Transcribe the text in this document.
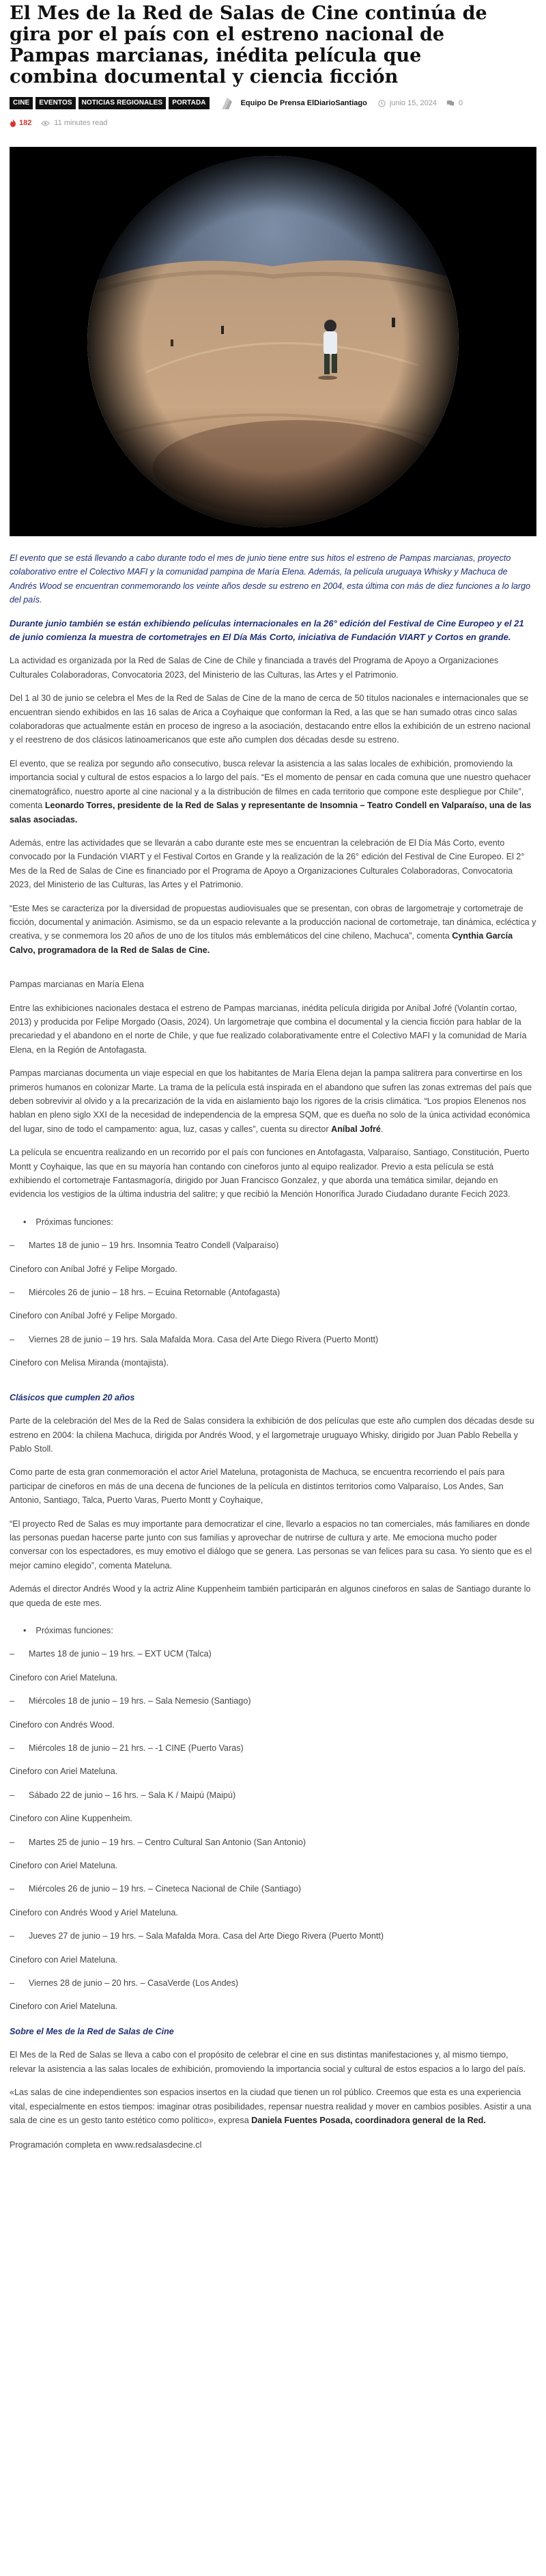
El Mes de la Red de Salas de Cine continúa de gira por el país con el estreno nacional de Pampas marcianas, inédita película que combina documental y ciencia ficción
CINE	EVENTOS	NOTICIAS REGIONALES	PORTADA	Equipo De Prensa ElDiarioSantiago	junio 15, 2024	0
182	11 minutes read

El evento que se está llevando a cabo durante todo el mes de junio tiene entre sus hitos el estreno de Pampas marcianas, proyecto colaborativo entre el Colectivo MAFI y la comunidad pampina de María Elena. Además, la película uruguaya Whisky y Machuca de Andrés Wood se encuentran conmemorando los veinte años desde su estreno en 2004, esta última con más de diez funciones a lo largo del país.

Durante junio también se están exhibiendo películas internacionales en la 26° edición del Festival de Cine Europeo y el 21 de junio comienza la muestra de cortometrajes en El Día Más Corto, iniciativa de Fundación VIART y Cortos en grande.

La actividad es organizada por la Red de Salas de Cine de Chile y financiada a través del Programa de Apoyo a Organizaciones Culturales Colaboradoras, Convocatoria 2023, del Ministerio de las Culturas, las Artes y el Patrimonio.

Del 1 al 30 de junio se celebra el Mes de la Red de Salas de Cine de la mano de cerca de 50 títulos nacionales e internacionales que se encuentran siendo exhibidos en las 16 salas de Arica a Coyhaique que conforman la Red, a las que se han sumado otras cinco salas colaboradoras que actualmente están en proceso de ingreso a la asociación, destacando entre ellos la exhibición de un estreno nacional y el reestreno de dos clásicos latinoamericanos que este año cumplen dos décadas desde su estreno.

El evento, que se realiza por segundo año consecutivo, busca relevar la asistencia a las salas locales de exhibición, promoviendo la importancia social y cultural de estos espacios a lo largo del país. “Es el momento de pensar en cada comuna que une nuestro quehacer cinematográfico, nuestro aporte al cine nacional y a la distribución de filmes en cada territorio que compone este despliegue por Chile”, comenta Leonardo Torres, presidente de la Red de Salas y representante de Insomnia – Teatro Condell en Valparaíso, una de las salas asociadas.

Además, entre las actividades que se llevarán a cabo durante este mes se encuentran la celebración de El Día Más Corto, evento convocado por la Fundación VIART y el Festival Cortos en Grande y la realización de la 26° edición del Festival de Cine Europeo. El 2° Mes de la Red de Salas de Cine es financiado por el Programa de Apoyo a Organizaciones Culturales Colaboradoras, Convocatoria 2023, del Ministerio de las Culturas, las Artes y el Patrimonio.

“Este Mes se caracteriza por la diversidad de propuestas audiovisuales que se presentan, con obras de largometraje y cortometraje de ficción, documental y animación. Asimismo, se da un espacio relevante a la producción nacional de cortometraje, tan dinámica, ecléctica y creativa, y se conmemora los 20 años de uno de los títulos más emblemáticos del cine chileno, Machuca”, comenta Cynthia García Calvo, programadora de la Red de Salas de Cine.

Pampas marcianas en María Elena

Entre las exhibiciones nacionales destaca el estreno de Pampas marcianas, inédita película dirigida por Aníbal Jofré (Volantín cortao, 2013) y producida por Felipe Morgado (Oasis, 2024). Un largometraje que combina el documental y la ciencia ficción para hablar de la precariedad y el abandono en el norte de Chile, y que fue realizado colaborativamente entre el Colectivo MAFI y la comunidad de María Elena, en la Región de Antofagasta.

Pampas marcianas documenta un viaje especial en que los habitantes de María Elena dejan la pampa salitrera para convertirse en los primeros humanos en colonizar Marte. La trama de la película está inspirada en el abandono que sufren las zonas extremas del país que deben sobrevivir al olvido y a la precarización de la vida en aislamiento bajo los rigores de la crisis climática. “Los propios Elenenos nos hablan en pleno siglo XXI de la necesidad de independencia de la empresa SQM, que es dueña no solo de la única actividad económica del lugar, sino de todo el campamento: agua, luz, casas y calles”, cuenta su director Aníbal Jofré.

La película se encuentra realizando en un recorrido por el país con funciones en Antofagasta, Valparaíso, Santiago, Constitución, Puerto Montt y Coyhaique, las que en su mayoría han contando con cineforos junto al equipo realizador. Previo a esta película se está exhibiendo el cortometraje Fantasmagoría, dirigido por Juan Francisco Gonzalez, y que aborda una temática similar, dejando en evidencia los vestigios de la última industria del salitre; y que recibió la Mención Honorífica Jurado Ciudadano durante Fecich 2023.

• Próximas funciones:

– Martes 18 de junio – 19 hrs. Insomnia Teatro Condell (Valparaíso)

Cineforo con Aníbal Jofré y Felipe Morgado.

– Miércoles 26 de junio – 18 hrs. – Ecuina Retornable (Antofagasta)

Cineforo con Aníbal Jofré y Felipe Morgado.

– Viernes 28 de junio – 19 hrs. Sala Mafalda Mora. Casa del Arte Diego Rivera (Puerto Montt)

Cineforo con Melisa Miranda (montajista).

Clásicos que cumplen 20 años

Parte de la celebración del Mes de la Red de Salas considera la exhibición de dos películas que este año cumplen dos décadas desde su estreno en 2004: la chilena Machuca, dirigida por Andrés Wood, y el largometraje uruguayo Whisky, dirigido por Juan Pablo Rebella y Pablo Stoll.

Como parte de esta gran conmemoración el actor Ariel Mateluna, protagonista de Machuca, se encuentra recorriendo el país para participar de cineforos en más de una decena de funciones de la película en distintos territorios como Valparaíso, Los Andes, San Antonio, Santiago, Talca, Puerto Varas, Puerto Montt y Coyhaique,

“El proyecto Red de Salas es muy importante para democratizar el cine, llevarlo a espacios no tan comerciales, más familiares en donde las personas puedan hacerse parte junto con sus familias y aprovechar de nutrirse de cultura y arte. Me emociona mucho poder conversar con los espectadores, es muy emotivo el diálogo que se genera. Las personas se van felices para su casa. Yo siento que es el mejor camino elegido”, comenta Mateluna.

Además el director Andrés Wood y la actriz Aline Kuppenheim también participarán en algunos cineforos en salas de Santiago durante lo que queda de este mes.

• Próximas funciones:

– Martes 18 de junio – 19 hrs. – EXT UCM (Talca)

Cineforo con Ariel Mateluna.

– Miércoles 18 de junio – 19 hrs. – Sala Nemesio (Santiago)

Cineforo con Andrés Wood.

– Miércoles 18 de junio – 21 hrs. – -1 CINE (Puerto Varas)

Cineforo con Ariel Mateluna.

– Sábado 22 de junio – 16 hrs. – Sala K / Maipú (Maipú)

Cineforo con Aline Kuppenheim.

– Martes 25 de junio – 19 hrs. – Centro Cultural San Antonio (San Antonio)

Cineforo con Ariel Mateluna.

– Miércoles 26 de junio – 19 hrs. – Cineteca Nacional de Chile (Santiago)

Cineforo con Andrés Wood y Ariel Mateluna.

– Jueves 27 de junio – 19 hrs. – Sala Mafalda Mora. Casa del Arte Diego Rivera (Puerto Montt)

Cineforo con Ariel Mateluna.

– Viernes 28 de junio – 20 hrs. – CasaVerde (Los Andes)

Cineforo con Ariel Mateluna.

Sobre el Mes de la Red de Salas de Cine

El Mes de la Red de Salas se lleva a cabo con el propósito de celebrar el cine en sus distintas manifestaciones y, al mismo tiempo, relevar la asistencia a las salas locales de exhibición, promoviendo la importancia social y cultural de estos espacios a lo largo del país.

«Las salas de cine independientes son espacios insertos en la ciudad que tienen un rol público. Creemos que esta es una experiencia vital, especialmente en estos tiempos: imaginar otras posibilidades, repensar nuestra realidad y mover en cambios posibles. Asistir a una sala de cine es un gesto tanto estético como político», expresa Daniela Fuentes Posada, coordinadora general de la Red.

Programación completa en www.redsalasdecine.cl
